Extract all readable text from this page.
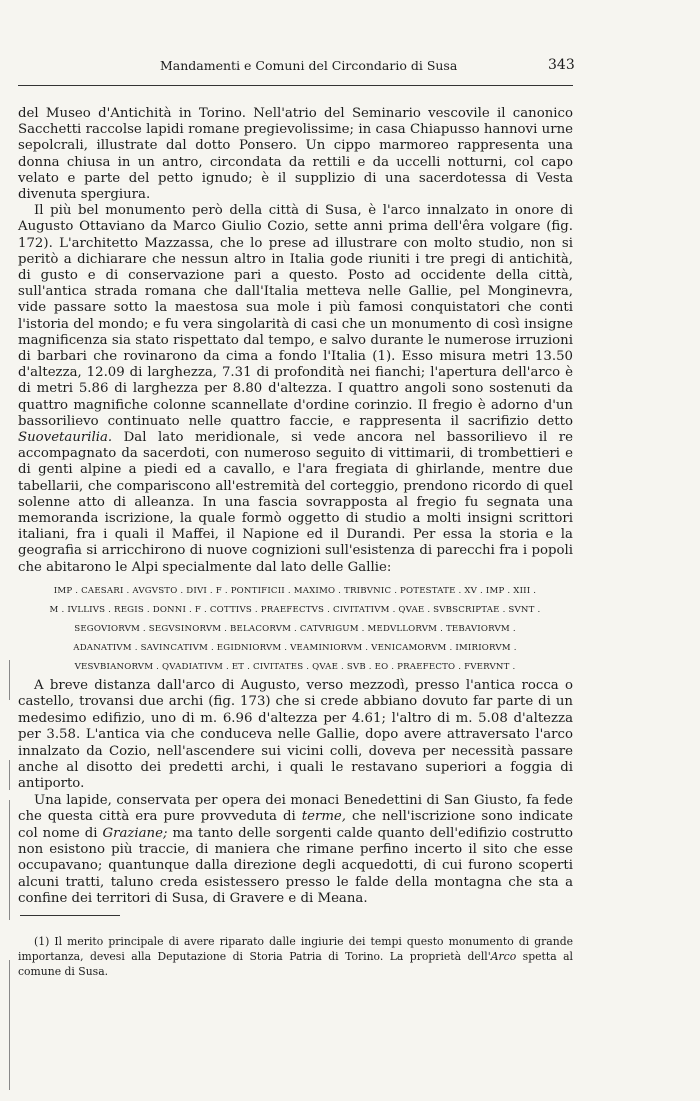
Mandamenti e Comuni del Circondario di Susa	343

del Museo d'Antichità in Torino. Nell'atrio del Seminario vescovile il canonico Sacchetti raccolse lapidi romane pregievolissime; in casa Chiapusso hannovi urne sepolcrali, illustrate dal dotto Ponsero. Un cippo marmoreo rappresenta una donna chiusa in un antro, circondata da rettili e da uccelli notturni, col capo velato e parte del petto ignudo; è il supplizio di una sacerdotessa di Vesta divenuta spergiura.

Il più bel monumento però della città di Susa, è l'arco innalzato in onore di Augusto Ottaviano da Marco Giulio Cozio, sette anni prima dell'êra volgare (fig. 172). L'architetto Mazzassa, che lo prese ad illustrare con molto studio, non si peritò a dichiarare che nessun altro in Italia gode riuniti i tre pregi di antichità, di gusto e di conservazione pari a questo. Posto ad occidente della città, sull'antica strada romana che dall'Italia metteva nelle Gallie, pel Monginevra, vide passare sotto la maestosa sua mole i più famosi conquistatori che conti l'istoria del mondo; e fu vera singolarità di casi che un monumento di così insigne magnificenza sia stato rispettato dal tempo, e salvo durante le numerose irruzioni di barbari che rovinarono da cima a fondo l'Italia (1). Esso misura metri 13.50 d'altezza, 12.09 di larghezza, 7.31 di profondità nei fianchi; l'apertura dell'arco è di metri 5.86 di larghezza per 8.80 d'altezza. I quattro angoli sono sostenuti da quattro magnifiche colonne scannellate d'ordine corinzio. Il fregio è adorno d'un bassorilievo continuato nelle quattro faccie, e rappresenta il sacrifizio detto Suovetaurilia. Dal lato meridionale, si vede ancora nel bassorilievo il re accompagnato da sacerdoti, con numeroso seguito di vittimarii, di trombettieri e di genti alpine a piedi ed a cavallo, e l'ara fregiata di ghirlande, mentre due tabellarii, che compariscono all'estremità del corteggio, prendono ricordo di quel solenne atto di alleanza. In una fascia sovrapposta al fregio fu segnata una memoranda iscrizione, la quale formò oggetto di studio a molti insigni scrittori italiani, fra i quali il Maffei, il Napione ed il Durandi. Per essa la storia e la geografia si arricchirono di nuove cognizioni sull'esistenza di parecchi fra i popoli che abitarono le Alpi specialmente dal lato delle Gallie:

IMP . CAESARI . AVGVSTO . DIVI . F . PONTIFICII . MAXIMO . TRIBVNIC . POTESTATE . XV . IMP . XIII .
M . IVLLIVS . REGIS . DONNI . F . COTTIVS . PRAEFECTVS . CIVITATIVM . QVAE . SVBSCRIPTAE . SVNT .
SEGOVIORVM . SEGVSINORVM . BELACORVM . CATVRIGUM . MEDVLLORVM . TEBAVIORVM .
ADANATIVM . SAVINCATIVM . EGIDNIORVM . VEAMINIORVM . VENICAMORVM . IMIRIORVM .
VESVBIANORVM . QVADIATIVM . ET . CIVITATES . QVAE . SVB . EO . PRAEFECTO . FVERVNT .

A breve distanza dall'arco di Augusto, verso mezzodì, presso l'antica rocca o castello, trovansi due archi (fig. 173) che si crede abbiano dovuto far parte di un medesimo edifizio, uno di m. 6.96 d'altezza per 4.61; l'altro di m. 5.08 d'altezza per 3.58. L'antica via che conduceva nelle Gallie, dopo avere attraversato l'arco innalzato da Cozio, nell'ascendere sui vicini colli, doveva per necessità passare anche al disotto dei predetti archi, i quali le restavano superiori a foggia di antiporto.

Una lapide, conservata per opera dei monaci Benedettini di San Giusto, fa fede che questa città era pure provveduta di terme, che nell'iscrizione sono indicate col nome di Graziane; ma tanto delle sorgenti calde quanto dell'edifizio costrutto non esistono più traccie, di maniera che rimane perfino incerto il sito che esse occupavano; quantunque dalla direzione degli acquedotti, di cui furono scoperti alcuni tratti, taluno creda esistessero presso le falde della montagna che sta a confine dei territori di Susa, di Gravere e di Meana.

(1) Il merito principale di avere riparato dalle ingiurie dei tempi questo monumento di grande importanza, devesi alla Deputazione di Storia Patria di Torino. La proprietà dell'Arco spetta al comune di Susa.
